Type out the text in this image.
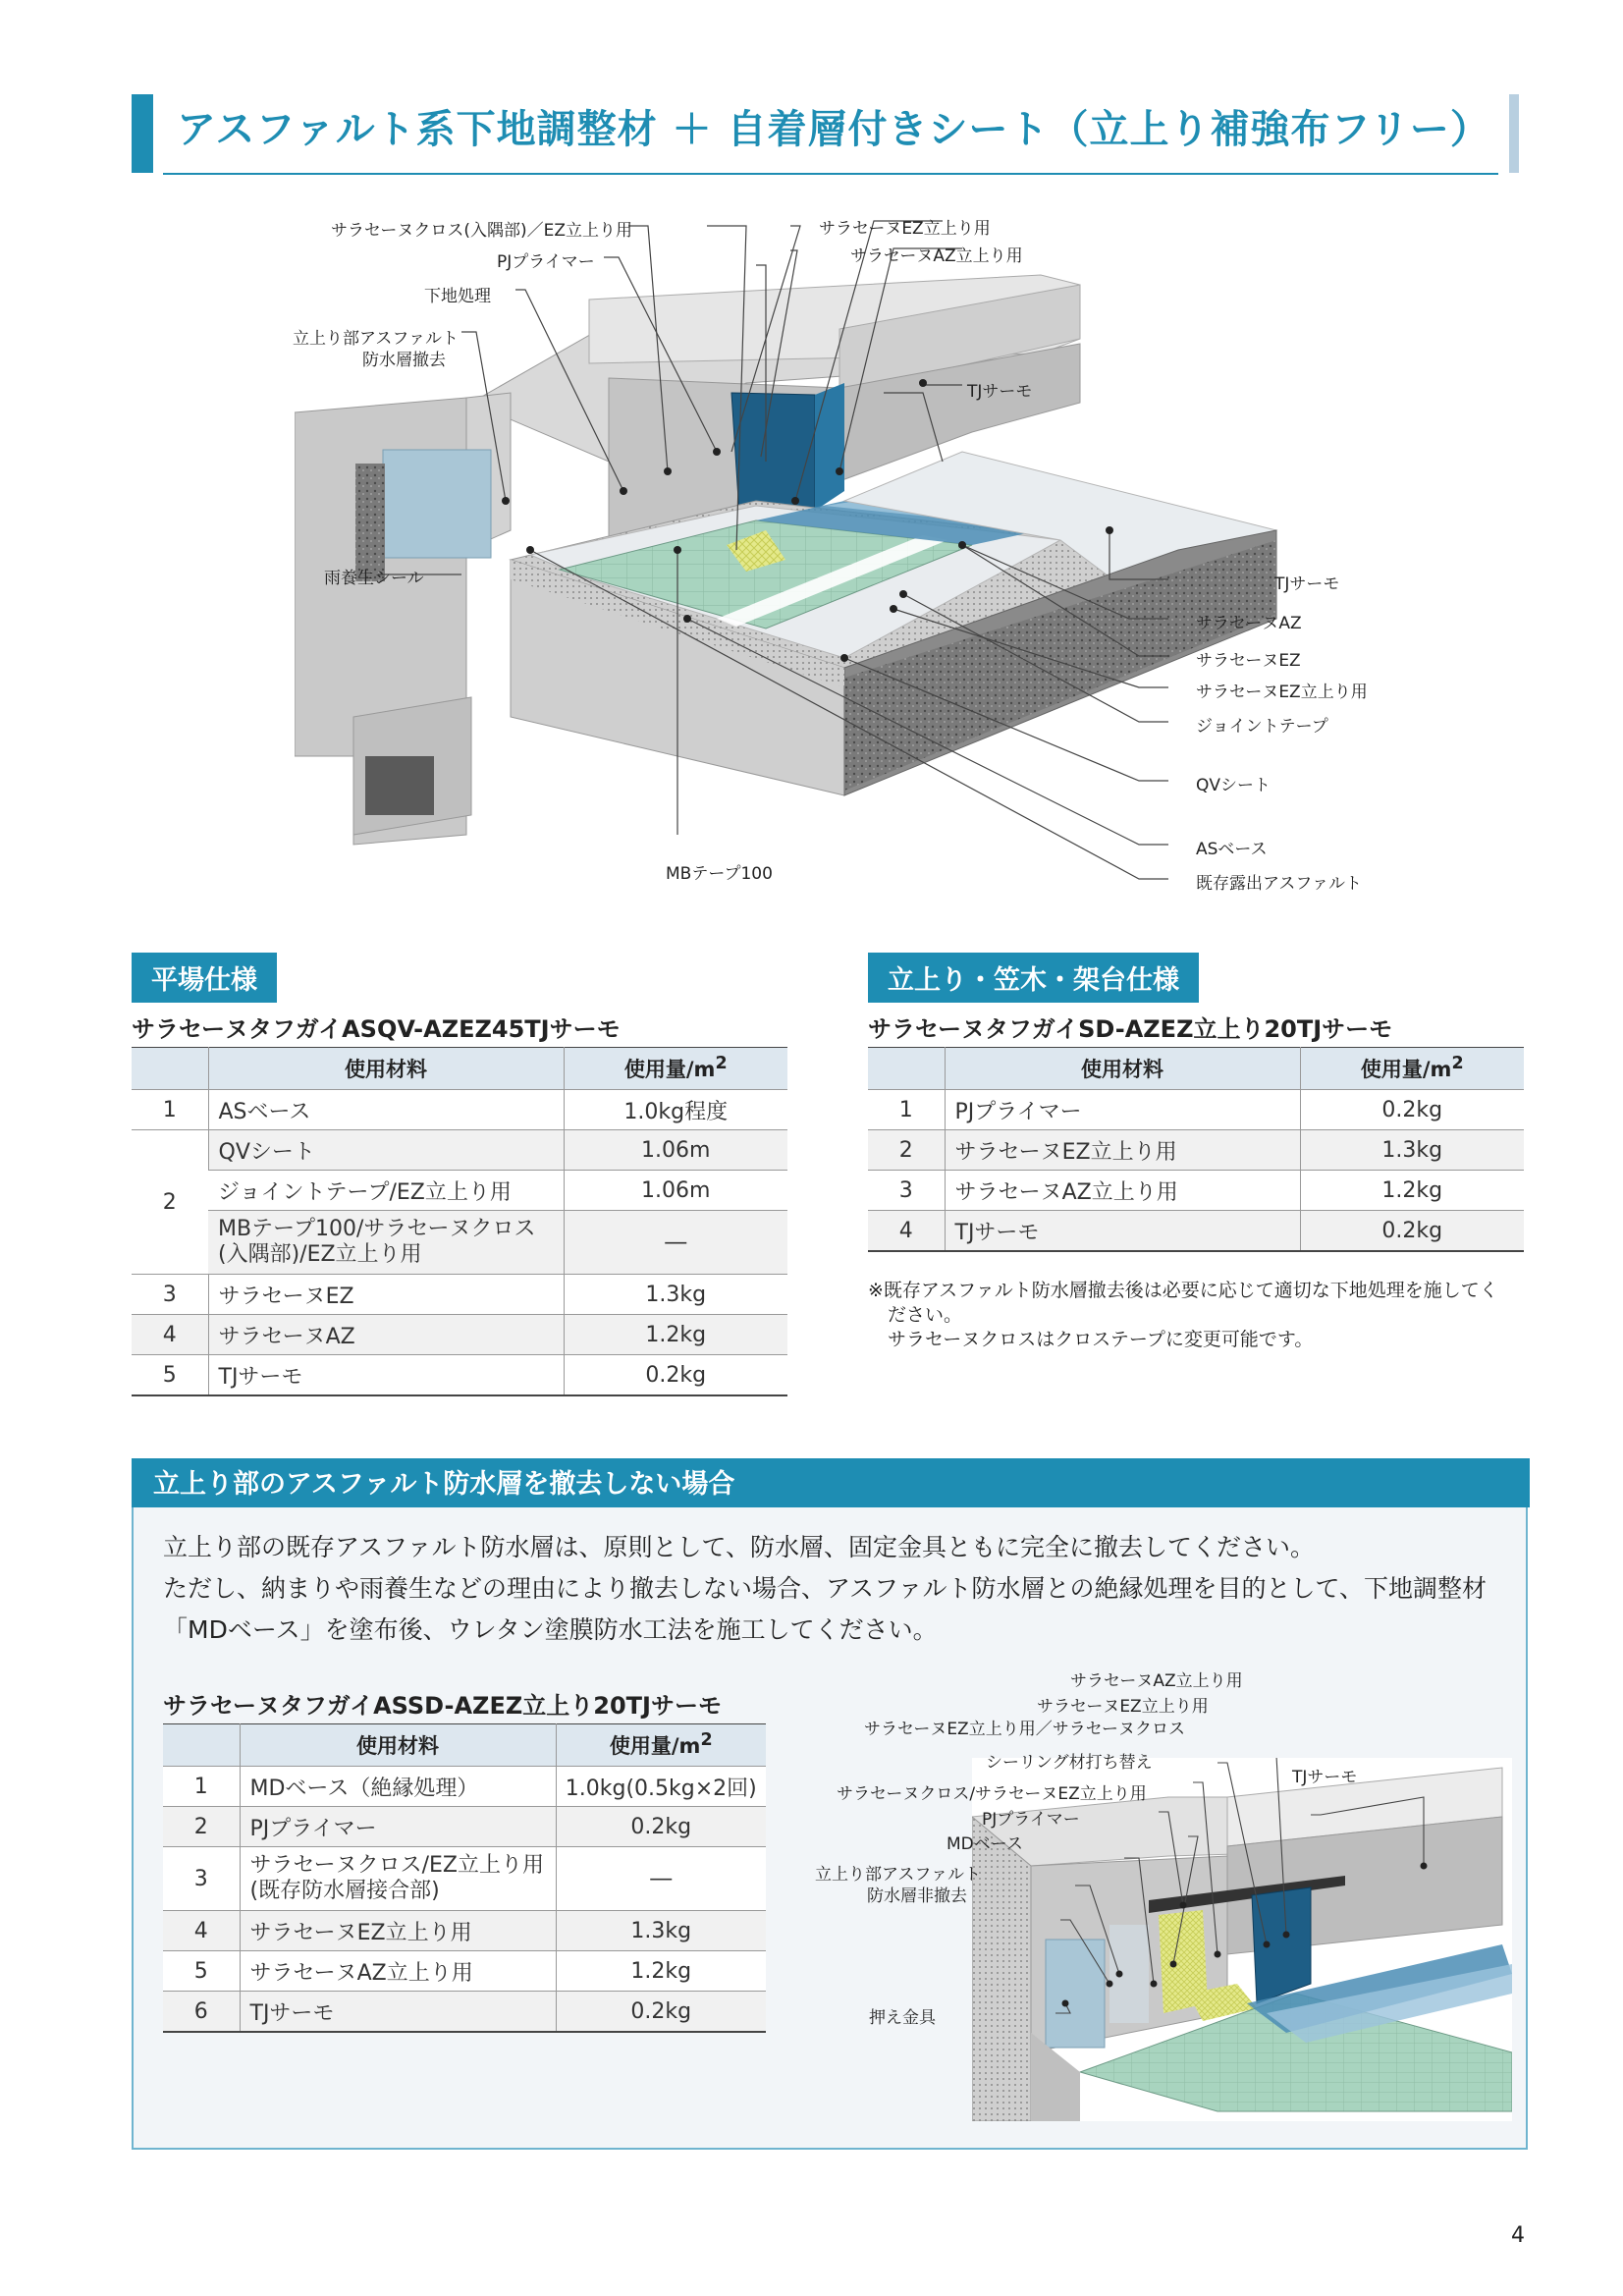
アスファルト系下地調整材 ＋ 自着層付きシート（立上り補強布フリー）
サラセーヌクロス(入隅部)／EZ立上り用
PJプライマー
下地処理
立上り部アスファルト
防水層撤去
雨養生シール
サラセーヌEZ立上り用
サラセーヌAZ立上り用
TJサーモ
TJサーモ
サラセーヌAZ
サラセーヌEZ
サラセーヌEZ立上り用
ジョイントテープ
QVシート
ASベース
既存露出アスファルト
MBテープ100
平場仕様
サラセーヌタフガイASQV-AZEZ45TJサーモ
	使用材料	使用量$/m^2$
1	ASベース	1.0kg程度
2	QVシート	1.06m
	ジョイントテープ/EZ立上り用	1.06m

	MBテープ100/サラセーヌクロス
(入隅部)/EZ立上り用	―
3	サラセーヌEZ	1.3kg
4	サラセーヌAZ	1.2kg
5	TJサーモ	0.2kg
立上り・笠木・架台仕様
サラセーヌタフガイSD-AZEZ立上り20TJサーモ
	使用材料	使用量$/m^2$
1	PJプライマー	0.2kg
2	サラセーヌEZ立上り用	1.3kg
3	サラセーヌAZ立上り用	1.2kg
4	TJサーモ	0.2kg
※既存アスファルト防水層撤去後は必要に応じて適切な下地処理を施してく
ださい。
サラセーヌクロスはクロステープに変更可能です。
立上り部のアスファルト防水層を撤去しない場合
立上り部の既存アスファルト防水層は、原則として、防水層、固定金具ともに完全に撤去してください。
ただし、納まりや雨養生などの理由により撤去しない場合、アスファルト防水層との絶縁処理を目的として、下地調整材
「MDベース」を塗布後、ウレタン塗膜防水工法を施工してください。
サラセーヌタフガイASSD-AZEZ立上り20TJサーモ
	使用材料	使用量$/m^2$
1	MDベース（絶縁処理）	1.0kg(0.5kg×2回)
2	PJプライマー	0.2kg
3	サラセーヌクロス/EZ立上り用
(既存防水層接合部)	―
4	サラセーヌEZ立上り用	1.3kg
5	サラセーヌAZ立上り用	1.2kg
6	TJサーモ	0.2kg
サラセーヌAZ立上り用
サラセーヌEZ立上り用
サラセーヌEZ立上り用／サラセーヌクロス
シーリング材打ち替え
TJサーモ
サラセーヌクロス/サラセーヌEZ立上り用
PJプライマー
MDベース
立上り部アスファルト
防水層非撤去
押え金具
4
